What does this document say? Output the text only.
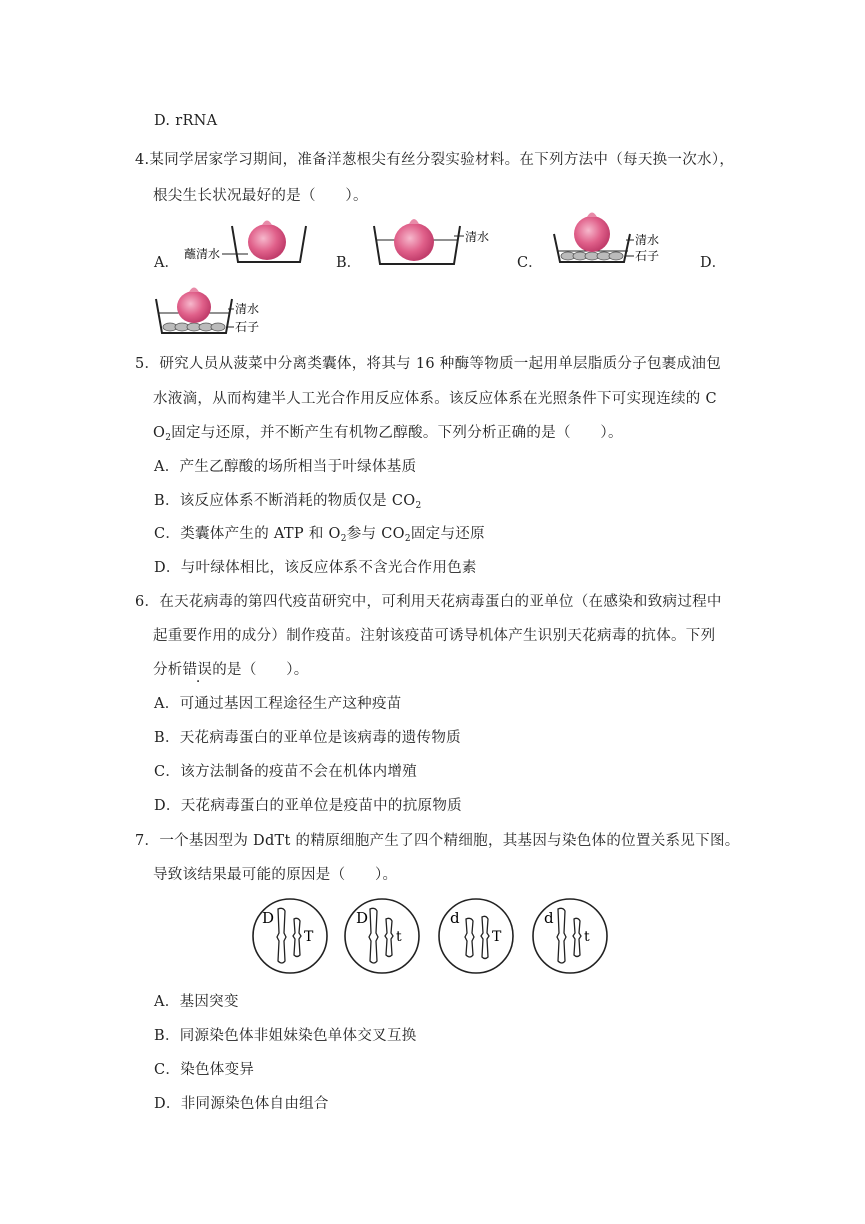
D. rRNA
4.某同学居家学习期间，准备洋葱根尖有丝分裂实验材料。在下列方法中（每天换一次水），
根尖生长状况最好的是（　　）。
A．	B．	C．	D．
蘸清水
清水	清水
石子
清水
石子
5．研究人员从菠菜中分离类囊体，将其与 16 种酶等物质一起用单层脂质分子包裹成油包
水液滴，从而构建半人工光合作用反应体系。该反应体系在光照条件下可实现连续的 C
$O_2$固定与还原，并不断产生有机物乙醇酸。下列分析正确的是（　　）。
A．产生乙醇酸的场所相当于叶绿体基质
B．该反应体系不断消耗的物质仅是 $CO_2$
C．类囊体产生的 ATP 和 $O_2$参与 $CO_2$固定与还原
D．与叶绿体相比，该反应体系不含光合作用色素
6．在天花病毒的第四代疫苗研究中，可利用天花病毒蛋白的亚单位（在感染和致病过程中
起重要作用的成分）制作疫苗。注射该疫苗可诱导机体产生识别天花病毒的抗体。下列
分析错误的是（　　）。
A．可通过基因工程途径生产这种疫苗
B．天花病毒蛋白的亚单位是该病毒的遗传物质
C．该方法制备的疫苗不会在机体内增殖
D．天花病毒蛋白的亚单位是疫苗中的抗原物质
7．一个基因型为 DdTt 的精原细胞产生了四个精细胞，其基因与染色体的位置关系见下图。
导致该结果最可能的原因是（　　）。
D
T
D
t
d
T
d
t
A．基因突变
B．同源染色体非姐妹染色单体交叉互换
C．染色体变异
D．非同源染色体自由组合
